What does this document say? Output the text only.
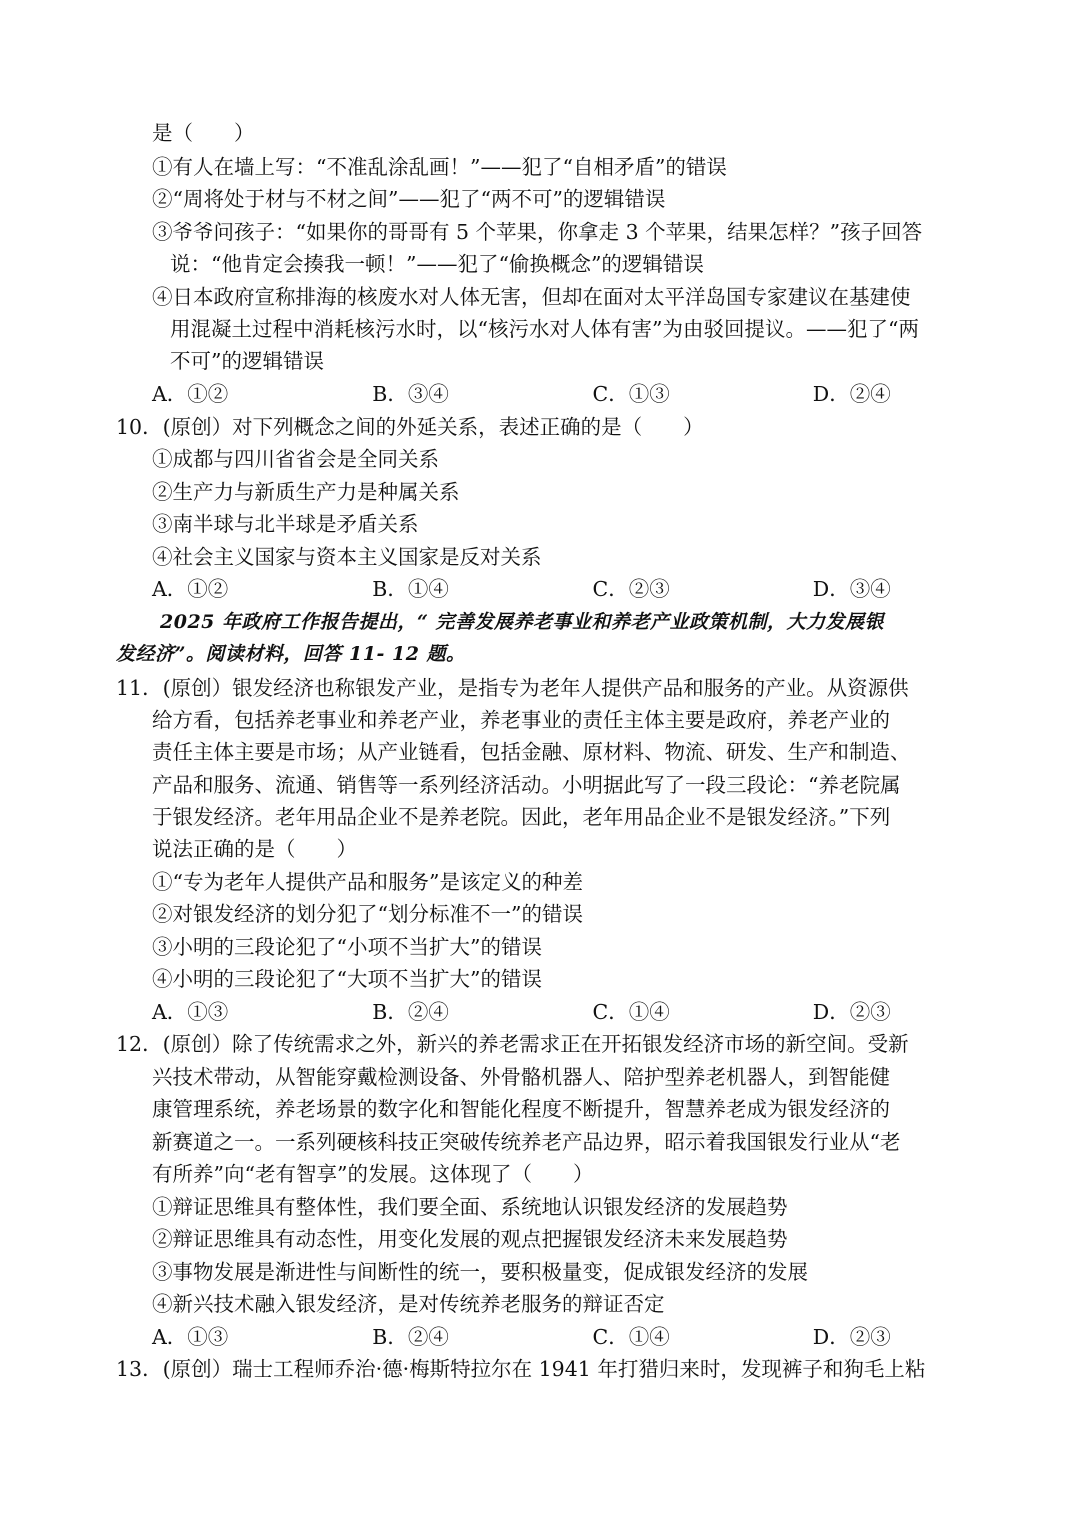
是（　　）
①有人在墙上写：“不准乱涂乱画！”——犯了“自相矛盾”的错误
②“周将处于材与不材之间”——犯了“两不可”的逻辑错误
③爷爷问孩子：“如果你的哥哥有 5 个苹果，你拿走 3 个苹果，结果怎样？”孩子回答
说：“他肯定会揍我一顿！”——犯了“偷换概念”的逻辑错误
④日本政府宣称排海的核废水对人体无害，但却在面对太平洋岛国专家建议在基建使
用混凝土过程中消耗核污水时，以“核污水对人体有害”为由驳回提议。——犯了“两
不可”的逻辑错误
A．①②	B．③④	C．①③	D．②④
10．(原创）对下列概念之间的外延关系，表述正确的是（　　）
①成都与四川省省会是全同关系
②生产力与新质生产力是种属关系
③南半球与北半球是矛盾关系
④社会主义国家与资本主义国家是反对关系
A．①②	B．①④	C．②③	D．③④
2025 年政府工作报告提出，“ 完善发展养老事业和养老产业政策机制，大力发展银
发经济”。阅读材料，回答 11- 12 题。
11．(原创）银发经济也称银发产业，是指专为老年人提供产品和服务的产业。从资源供
给方看，包括养老事业和养老产业，养老事业的责任主体主要是政府，养老产业的
责任主体主要是市场；从产业链看，包括金融、原材料、物流、研发、生产和制造、
产品和服务、流通、销售等一系列经济活动。小明据此写了一段三段论：“养老院属
于银发经济。老年用品企业不是养老院。因此，老年用品企业不是银发经济。”下列
说法正确的是（　　）
①“专为老年人提供产品和服务”是该定义的种差
②对银发经济的划分犯了“划分标准不一”的错误
③小明的三段论犯了“小项不当扩大”的错误
④小明的三段论犯了“大项不当扩大”的错误
A．①③	B．②④	C．①④	D．②③
12．(原创）除了传统需求之外，新兴的养老需求正在开拓银发经济市场的新空间。受新
兴技术带动，从智能穿戴检测设备、外骨骼机器人、陪护型养老机器人，到智能健
康管理系统，养老场景的数字化和智能化程度不断提升，智慧养老成为银发经济的
新赛道之一。一系列硬核科技正突破传统养老产品边界，昭示着我国银发行业从“老
有所养”向“老有智享”的发展。这体现了（　　）
①辩证思维具有整体性，我们要全面、系统地认识银发经济的发展趋势
②辩证思维具有动态性，用变化发展的观点把握银发经济未来发展趋势
③事物发展是渐进性与间断性的统一，要积极量变，促成银发经济的发展
④新兴技术融入银发经济，是对传统养老服务的辩证否定
A．①③	B．②④	C．①④	D．②③
13．(原创）瑞士工程师乔治·德·梅斯特拉尔在 1941 年打猎归来时，发现裤子和狗毛上粘
